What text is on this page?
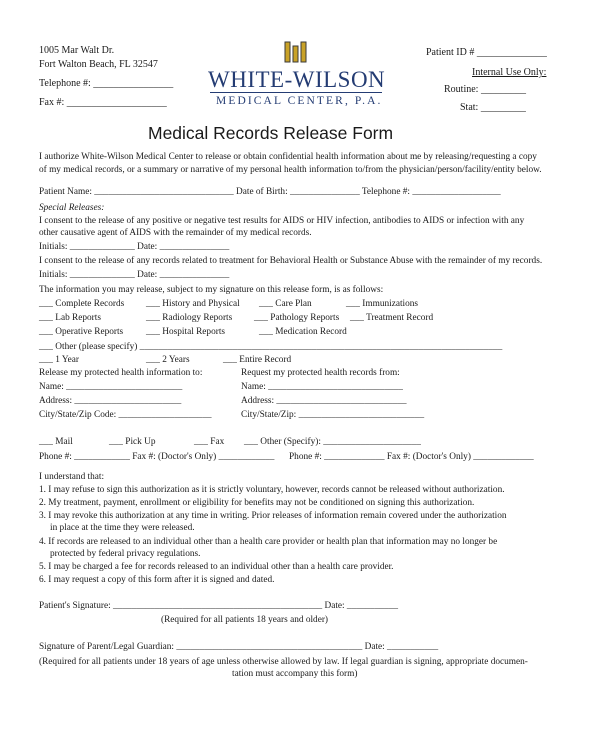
1005 Mar Walt Dr.
Fort Walton Beach, FL 32547
Telephone #: ________________
Fax #: ____________________
WHITE-WILSON
MEDICAL CENTER, P.A.
Patient ID # ______________
Internal Use Only:
Routine: _________
Stat: _________
Medical Records Release Form
I authorize White-Wilson Medical Center to release or obtain confidential health information about me by releasing/requesting a copy
of my medical records, or a summary or narrative of my personal health information to/from the physician/person/facility/entity below.
Patient Name: ______________________________ Date of Birth: _______________ Telephone #: ___________________
Special Releases:
I consent to the release of any positive or negative test results for AIDS or HIV infection, antibodies to AIDS or infection with any
other causative agent of AIDS with the remainder of my medical records.
Initials: ______________ Date: _______________
I consent to the release of any records related to treatment for Behavioral Health or Substance Abuse with the remainder of my records.
Initials: ______________ Date: _______________
The information you may release, subject to my signature on this release form, is as follows:
___ Complete Records ___ History and Physical ___ Care Plan	___ Immunizations
___ Lab Reports	___ Radiology Reports ___ Pathology Reports ___ Treatment Record
___ Operative Reports ___ Hospital Reports	___ Medication Record
___ Other (please specify) ______________________________________________________________________________
___ 1 Year	___ 2 Years	___ Entire Record
Release my protected health information to:
Name: _________________________
Address: _______________________
City/State/Zip Code: ____________________
Request my protected health records from:
Name: _____________________________
Address: ____________________________
City/State/Zip: ___________________________
___ Mail	___ Pick Up	___ Fax ___ Other (Specify): _____________________
Phone #: ____________ Fax #: (Doctor's Only) ____________ Phone #: _____________ Fax #: (Doctor's Only) _____________
I understand that:
1. I may refuse to sign this authorization as it is strictly voluntary, however, records cannot be released without authorization.
2. My treatment, payment, enrollment or eligibility for benefits may not be conditioned on signing this authorization.
3. I may revoke this authorization at any time in writing. Prior releases of information remain covered under the authorization
in place at the time they were released.
4. If records are released to an individual other than a health care provider or health plan that information may no longer be
protected by federal privacy regulations.
5. I may be charged a fee for records released to an individual other than a health care provider.
6. I may request a copy of this form after it is signed and dated.
Patient's Signature: _____________________________________________ Date: ___________
(Required for all patients 18 years and older)
Signature of Parent/Legal Guardian: ________________________________________ Date: ___________
(Required for all patients under 18 years of age unless otherwise allowed by law. If legal guardian is signing, appropriate documen-
tation must accompany this form)
